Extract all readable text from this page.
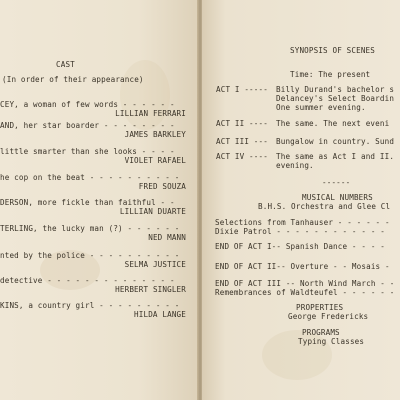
CAST
(In order of their appearance)
CEY, a woman of few words - - - - - -
LILLIAN FERRARI
AND, her star boarder - - - - - - - -
JAMES BARKLEY
little smarter than she looks - - - -
VIOLET RAFAEL
he cop on the beat - - - - - - - - - -
FRED SOUZA
DERSON, more fickle than faithful - -
LILLIAN DUARTE
TERLING, the lucky man (?) - - - - - -
NED MANN
nted by the police - - - - - - - - - -
SELMA JUSTICE
detective - - - - - - - - - - - - - -
HERBERT SINGLER
KINS, a country girl - - - - - - - - -
HILDA LANGE
SYNOPSIS OF SCENES
Time: The present
ACT I ----- Billy Durand's bachelor s
Delancey's Select Boardin
One summer evening.
ACT II ---- The same. The next eveni
ACT III --- Bungalow in country. Sund
ACT IV ---- The same as Act I and II.
evening.
------
MUSICAL NUMBERS
B.H.S. Orchestra and Glee Cl
Selections from Tanhauser - - - - - -
Dixie Patrol - - - - - - - - - - - -
END OF ACT I-- Spanish Dance - - - -
END OF ACT II-- Overture - - Mosais -
END OF ACT III -- North Wind March - -
Remembrances of Waldteufel - - - - - -
PROPERTIES
George Fredericks
PROGRAMS
Typing Classes
